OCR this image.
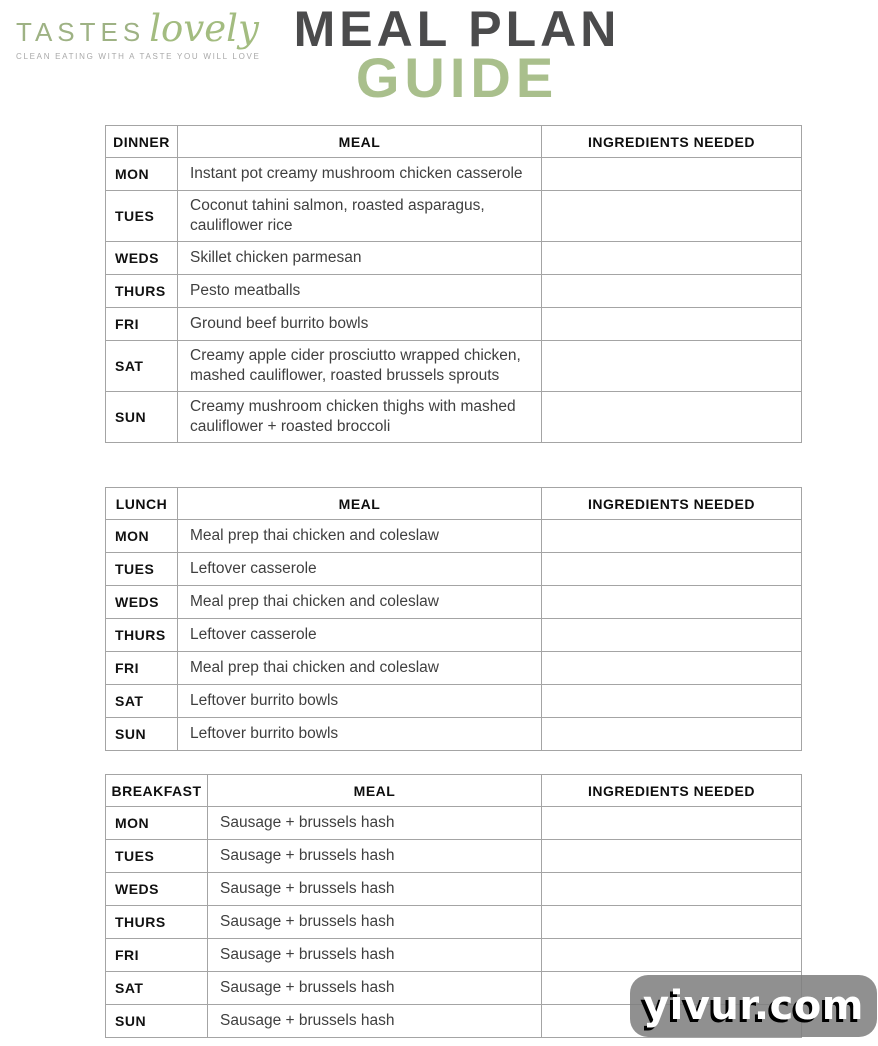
TASTES lovely
CLEAN EATING WITH A TASTE YOU WILL LOVE MEAL PLAN
GUIDE
DINNER	MEAL	INGREDIENTS NEEDED
MON	Instant pot creamy mushroom chicken casserole	
TUES	Coconut tahini salmon, roasted asparagus, cauliflower rice	
WEDS	Skillet chicken parmesan	
THURS	Pesto meatballs	
FRI	Ground beef burrito bowls	
SAT	Creamy apple cider prosciutto wrapped chicken, mashed cauliflower, roasted brussels sprouts	
SUN	Creamy mushroom chicken thighs with mashed cauliflower + roasted broccoli	
LUNCH	MEAL	INGREDIENTS NEEDED
MON	Meal prep thai chicken and coleslaw	
TUES	Leftover casserole	
WEDS	Meal prep thai chicken and coleslaw	
THURS	Leftover casserole	
FRI	Meal prep thai chicken and coleslaw	
SAT	Leftover burrito bowls	
SUN	Leftover burrito bowls	
BREAKFAST	MEAL	INGREDIENTS NEEDED
MON	Sausage + brussels hash	
TUES	Sausage + brussels hash	
WEDS	Sausage + brussels hash	
THURS	Sausage + brussels hash	
FRI	Sausage + brussels hash	
SAT	Sausage + brussels hash	
SUN	Sausage + brussels hash		yivur.com
